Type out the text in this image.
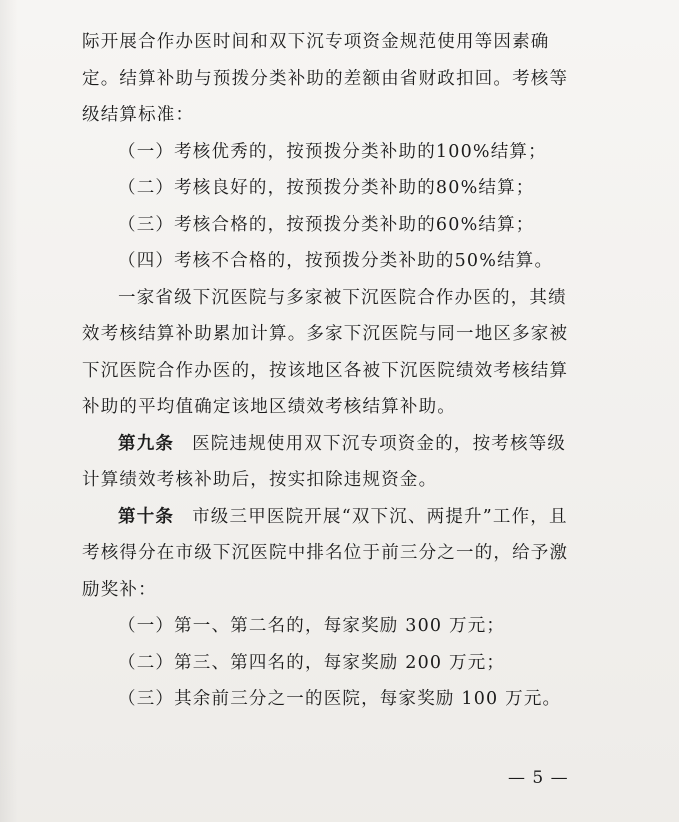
际开展合作办医时间和双下沉专项资金规范使用等因素确定。结算补助与预拨分类补助的差额由省财政扣回。考核等级结算标准：

（一）考核优秀的，按预拨分类补助的100%结算；

（二）考核良好的，按预拨分类补助的80%结算；

（三）考核合格的，按预拨分类补助的60%结算；

（四）考核不合格的，按预拨分类补助的50%结算。

一家省级下沉医院与多家被下沉医院合作办医的，其绩效考核结算补助累加计算。多家下沉医院与同一地区多家被下沉医院合作办医的，按该地区各被下沉医院绩效考核结算补助的平均值确定该地区绩效考核结算补助。

第九条 医院违规使用双下沉专项资金的，按考核等级计算绩效考核补助后，按实扣除违规资金。

第十条 市级三甲医院开展“双下沉、两提升”工作，且考核得分在市级下沉医院中排名位于前三分之一的，给予激励奖补：

（一）第一、第二名的，每家奖励 300 万元；

（二）第三、第四名的，每家奖励 200 万元；

（三）其余前三分之一的医院，每家奖励 100 万元。

— 5 —
